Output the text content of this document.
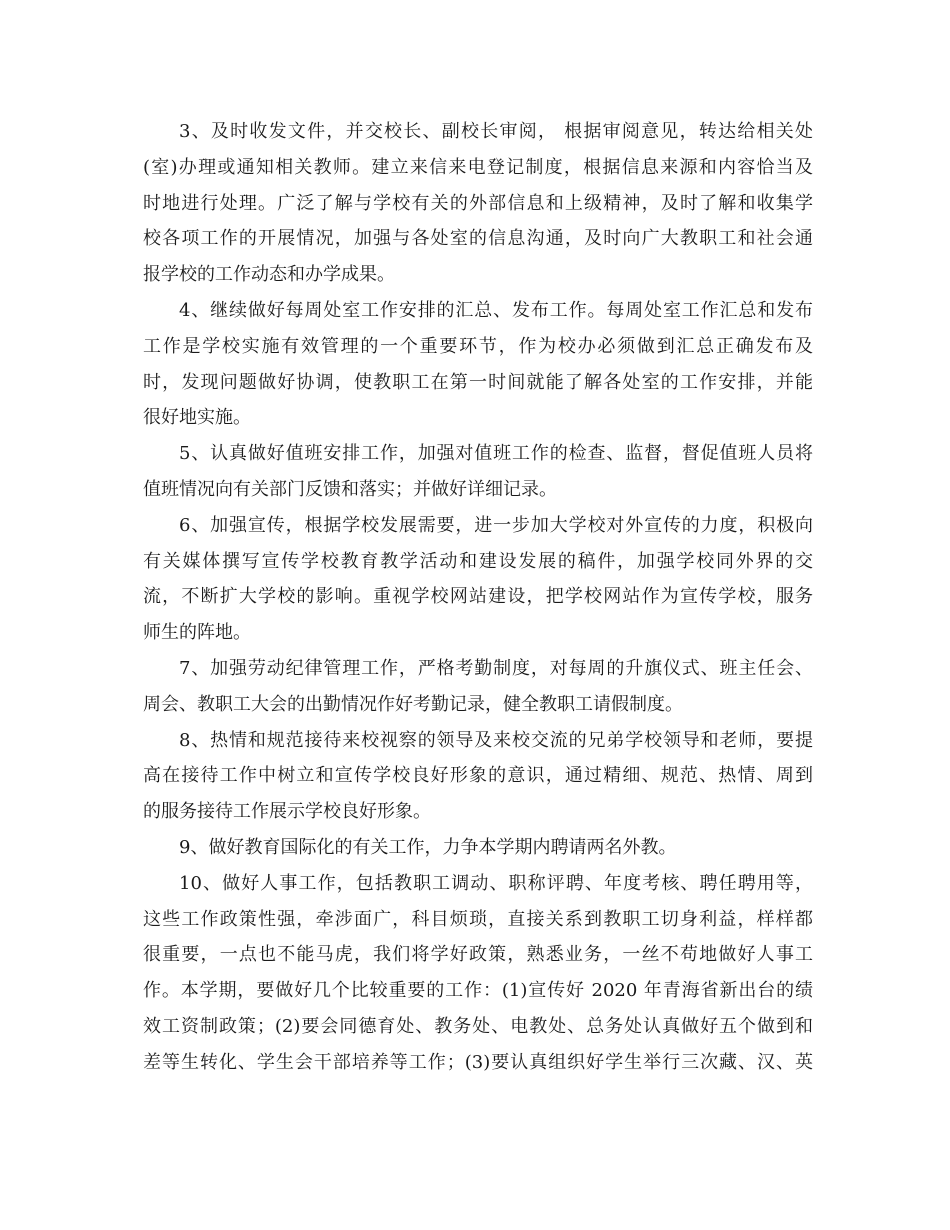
3、及时收发文件，并交校长、副校长审阅， 根据审阅意见，转达给相关处
(室)办理或通知相关教师。建立来信来电登记制度，根据信息来源和内容恰当及
时地进行处理。广泛了解与学校有关的外部信息和上级精神，及时了解和收集学
校各项工作的开展情况，加强与各处室的信息沟通，及时向广大教职工和社会通
报学校的工作动态和办学成果。
4、继续做好每周处室工作安排的汇总、发布工作。每周处室工作汇总和发布
工作是学校实施有效管理的一个重要环节，作为校办必须做到汇总正确发布及
时，发现问题做好协调，使教职工在第一时间就能了解各处室的工作安排，并能
很好地实施。
5、认真做好值班安排工作，加强对值班工作的检查、监督，督促值班人员将
值班情况向有关部门反馈和落实；并做好详细记录。
6、加强宣传，根据学校发展需要，进一步加大学校对外宣传的力度，积极向
有关媒体撰写宣传学校教育教学活动和建设发展的稿件，加强学校同外界的交
流，不断扩大学校的影响。重视学校网站建设，把学校网站作为宣传学校，服务
师生的阵地。
7、加强劳动纪律管理工作，严格考勤制度，对每周的升旗仪式、班主任会、
周会、教职工大会的出勤情况作好考勤记录，健全教职工请假制度。
8、热情和规范接待来校视察的领导及来校交流的兄弟学校领导和老师，要提
高在接待工作中树立和宣传学校良好形象的意识，通过精细、规范、热情、周到
的服务接待工作展示学校良好形象。
9、做好教育国际化的有关工作，力争本学期内聘请两名外教。
10、做好人事工作，包括教职工调动、职称评聘、年度考核、聘任聘用等，
这些工作政策性强，牵涉面广，科目烦琐，直接关系到教职工切身利益，样样都
很重要，一点也不能马虎，我们将学好政策，熟悉业务，一丝不苟地做好人事工
作。本学期，要做好几个比较重要的工作：(1)宣传好 2020 年青海省新出台的绩
效工资制政策；(2)要会同德育处、教务处、电教处、总务处认真做好五个做到和
差等生转化、学生会干部培养等工作；(3)要认真组织好学生举行三次藏、汉、英
